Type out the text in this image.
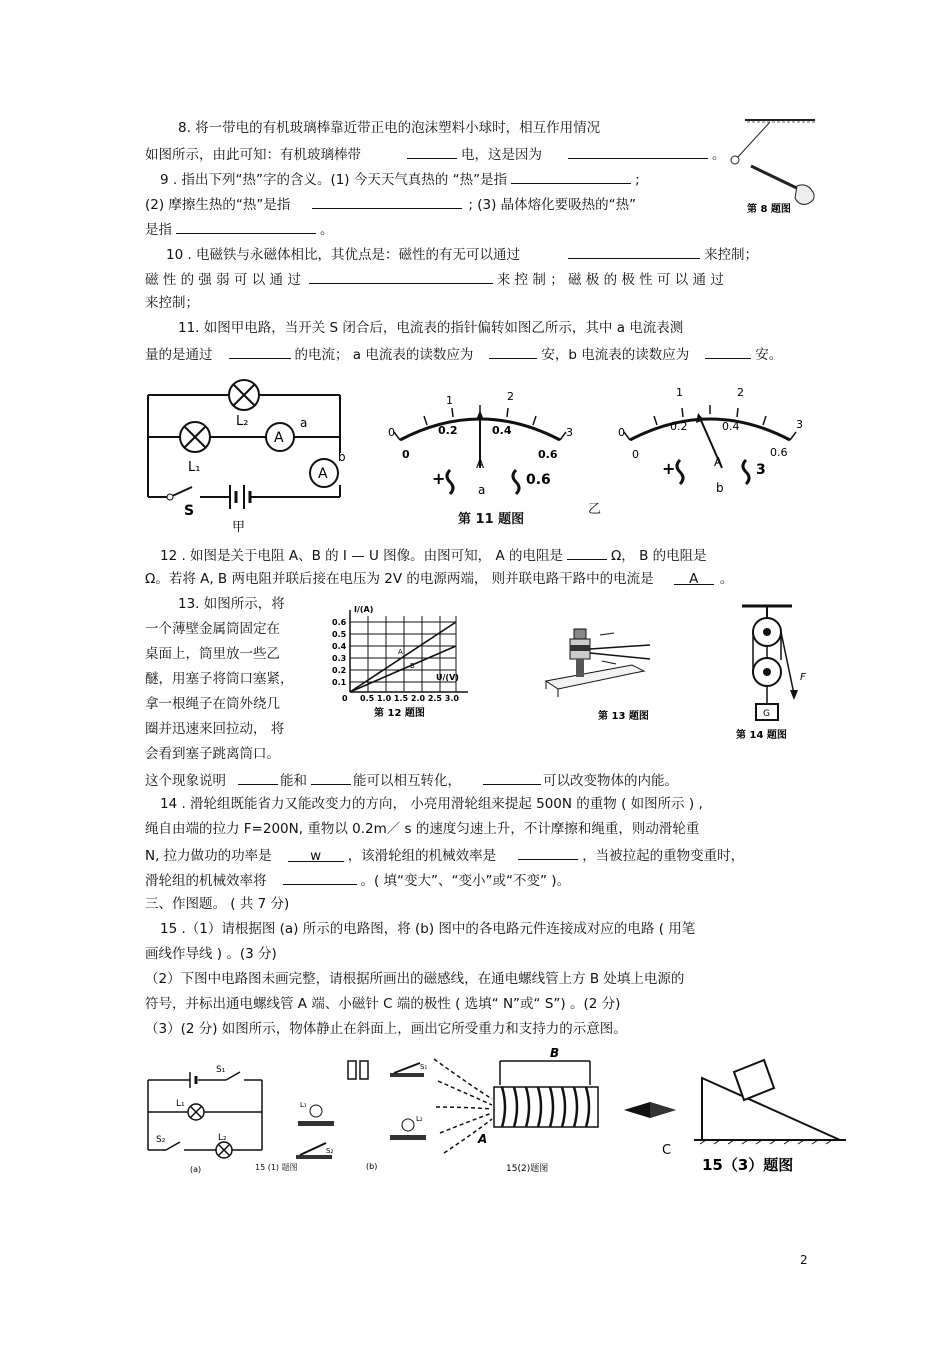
8. 将一带电的有机玻璃棒靠近带正电的泡沫塑料小球时，相互作用情况
如图所示，由此可知：有机玻璃棒带	电，这是因为	。
第 8 题图
9 . 指出下列“热”字的含义。(1) 今天天气真热的 “热”是指	;
(2) 摩擦生热的“热”是指	; (3) 晶体熔化要吸热的“热”
是指	。
10 . 电磁铁与永磁体相比，其优点是：磁性的有无可以通过	来控制；
磁 性 的 强 弱 可 以 通 过	来 控 制 ； 磁 极 的 极 性 可 以 通 过
来控制；
11. 如图甲电路，当开关 S 闭合后，电流表的指针偏转如图乙所示，其中 a 电流表测
量的是通过	的电流； a 电流表的读数应为	安，b 电流表的读数应为	安。
L₂
L₁
A
a
A
b
S
甲
0
1	2
3
0
0.2	0.4
0.6
A
+
a
0.6
0
1	2
3
0
0.2	0.4
0.6
A
+
b
3
第 11 题图
乙
12 . 如图是关于电阻 A、B 的 I — U 图像。由图可知， A 的电阻是	Ω， B 的电阻是
Ω。若将 A, B 两电阻并联后接在电压为 2V 的电源两端， 则并联电路干路中的电流是	A 。
13. 如图所示，将
一个薄壁金属筒固定在
桌面上，筒里放一些乙
醚，用塞子将筒口塞紧，
拿一根绳子在筒外绕几
圈并迅速来回拉动， 将
会看到塞子跳离筒口。
这个现象说明	能和	能可以相互转化，	可以改变物体的内能。
I/(A)
U/(V)
0.6
0.5
0.4
0.3
0.2
0.1
0 0.5 1.0 1.5 2.0 2.5 3.0
A
B
第 12 题图	第 13 题图
F
G
第 14 题图
14 . 滑轮组既能省力又能改变力的方向， 小亮用滑轮组来提起 500N 的重物 ( 如图所示 ) ,
绳自由端的拉力 F=200N, 重物以 0.2m／ s 的速度匀速上升，不计摩擦和绳重，则动滑轮重
N, 拉力做功的功率是	w ，该滑轮组的机械效率是	，当被拉起的重物变重时，
滑轮组的机械效率将	。( 填“变大”、“变小”或“不变” )。
三、作图题。 ( 共 7 分)
15 .（1）请根据图 (a) 所示的电路图，将 (b) 图中的各电路元件连接成对应的电路 ( 用笔
画线作导线 ) 。(3 分)
（2）下图中电路图未画完整，请根据所画出的磁感线，在通电螺线管上方 B 处填上电源的
符号，并标出通电螺线管 A 端、小磁针 C 端的极性 ( 选填“ N”或“ S”) 。(2 分)
（3）(2 分) 如图所示，物体静止在斜面上，画出它所受重力和支持力的示意图。
S₁
L₁
S₂	L₂
(a)	15 (1) 题图
S₁
L₁
L₂
S₂
(b)
B
A
15(2)题图
C
15（3）题图
2
